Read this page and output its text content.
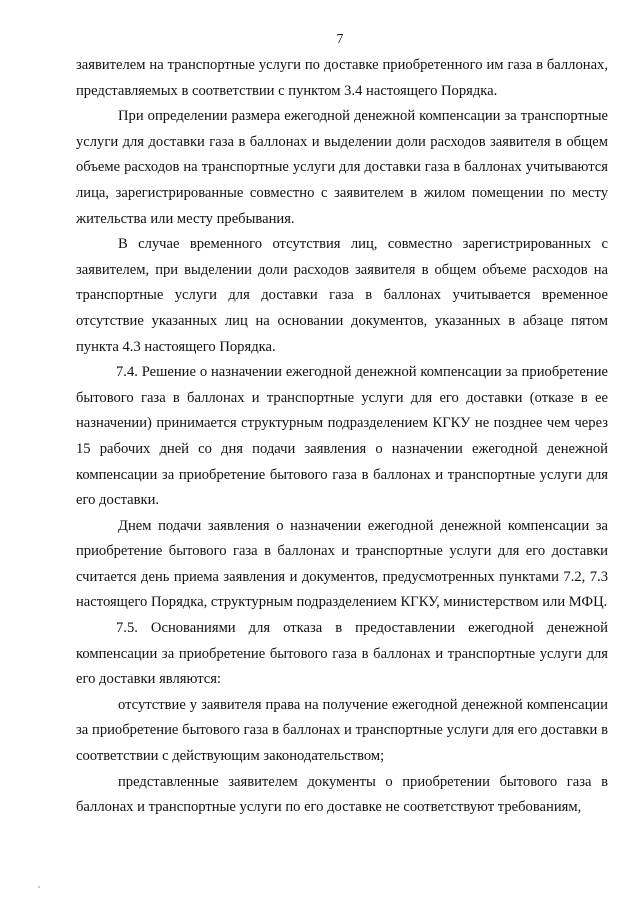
7

заявителем на транспортные услуги по доставке приобретенного им газа в баллонах, представляемых в соответствии с пунктом 3.4 настоящего Порядка.

При определении размера ежегодной денежной компенсации за транспортные услуги для доставки газа в баллонах и выделении доли расходов заявителя в общем объеме расходов на транспортные услуги для доставки газа в баллонах учитываются лица, зарегистрированные совместно с заявителем в жилом помещении по месту жительства или месту пребывания.

В случае временного отсутствия лиц, совместно зарегистрированных с заявителем, при выделении доли расходов заявителя в общем объеме расходов на транспортные услуги для доставки газа в баллонах учитывается временное отсутствие указанных лиц на основании документов, указанных в абзаце пятом пункта 4.3 настоящего Порядка.

7.4. Решение о назначении ежегодной денежной компенсации за приобретение бытового газа в баллонах и транспортные услуги для его доставки (отказе в ее назначении) принимается структурным подразделением КГКУ не позднее чем через 15 рабочих дней со дня подачи заявления о назначении ежегодной денежной компенсации за приобретение бытового газа в баллонах и транспортные услуги для его доставки.

Днем подачи заявления о назначении ежегодной денежной компенсации за приобретение бытового газа в баллонах и транспортные услуги для его доставки считается день приема заявления и документов, предусмотренных пунктами 7.2, 7.3 настоящего Порядка, структурным подразделением КГКУ, министерством или МФЦ.

7.5. Основаниями для отказа в предоставлении ежегодной денежной компенсации за приобретение бытового газа в баллонах и транспортные услуги для его доставки являются:

отсутствие у заявителя права на получение ежегодной денежной компенсации за приобретение бытового газа в баллонах и транспортные услуги для его доставки в соответствии с действующим законодательством;

представленные заявителем документы о приобретении бытового газа в баллонах и транспортные услуги по его доставке не соответствуют требованиям,
